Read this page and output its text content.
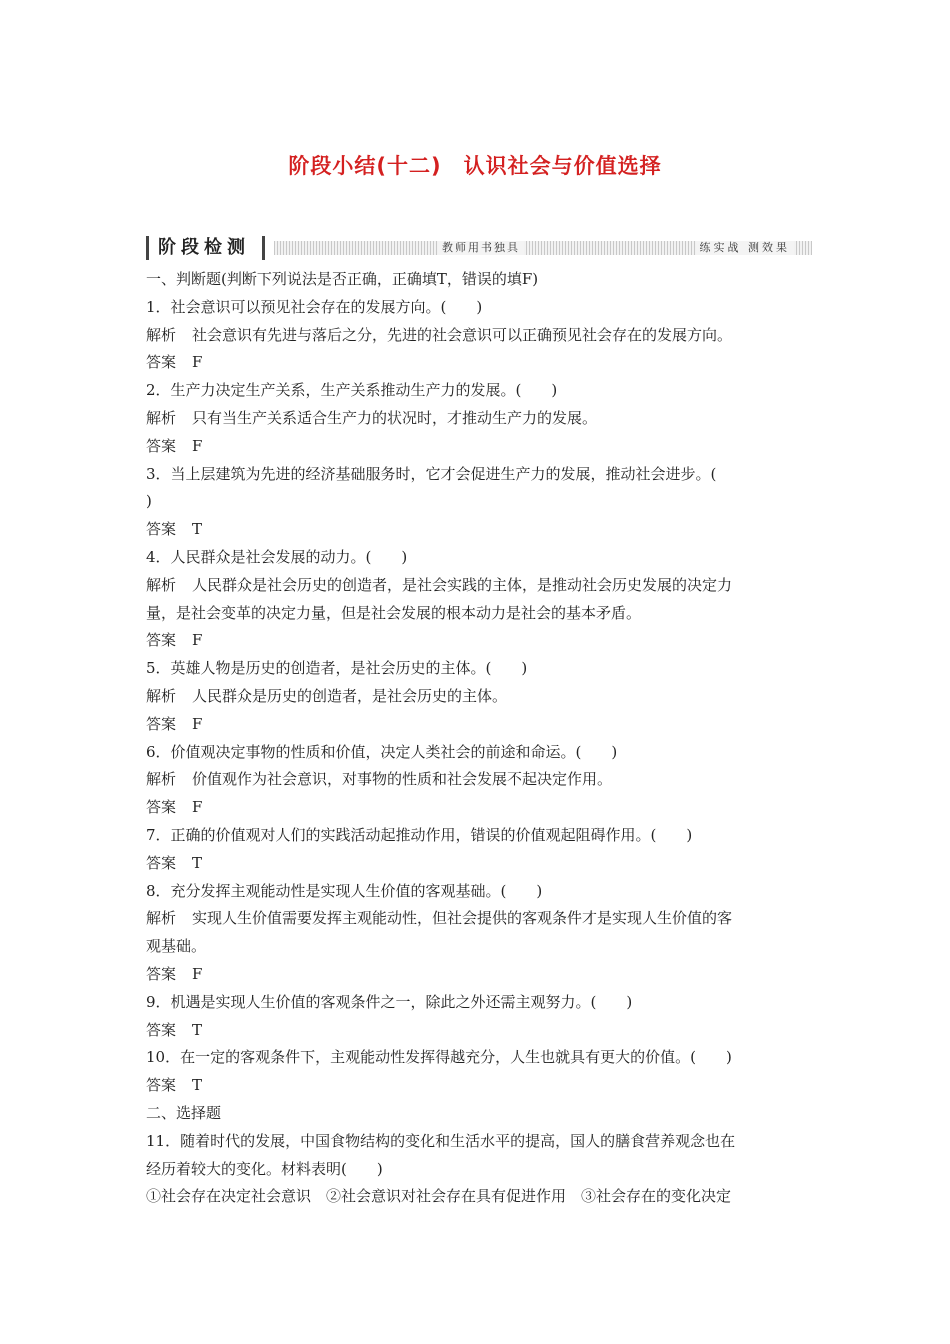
阶段小结(十二)　认识社会与价值选择
阶段检测	教师用书独具	练实战 测效果
一、判断题(判断下列说法是否正确，正确填T，错误的填F)
1．社会意识可以预见社会存在的发展方向。(　　)
解析 社会意识有先进与落后之分，先进的社会意识可以正确预见社会存在的发展方向。
答案 F
2．生产力决定生产关系，生产关系推动生产力的发展。(　　)
解析 只有当生产关系适合生产力的状况时，才推动生产力的发展。
答案 F
3．当上层建筑为先进的经济基础服务时，它才会促进生产力的发展，推动社会进步。(
)
答案 T
4．人民群众是社会发展的动力。(　　)
解析 人民群众是社会历史的创造者，是社会实践的主体，是推动社会历史发展的决定力
量，是社会变革的决定力量，但是社会发展的根本动力是社会的基本矛盾。
答案 F
5．英雄人物是历史的创造者，是社会历史的主体。(　　)
解析 人民群众是历史的创造者，是社会历史的主体。
答案 F
6．价值观决定事物的性质和价值，决定人类社会的前途和命运。(　　)
解析 价值观作为社会意识，对事物的性质和社会发展不起决定作用。
答案 F
7．正确的价值观对人们的实践活动起推动作用，错误的价值观起阻碍作用。(　　)
答案 T
8．充分发挥主观能动性是实现人生价值的客观基础。(　　)
解析 实现人生价值需要发挥主观能动性，但社会提供的客观条件才是实现人生价值的客
观基础。
答案 F
9．机遇是实现人生价值的客观条件之一，除此之外还需主观努力。(　　)
答案 T
10．在一定的客观条件下，主观能动性发挥得越充分，人生也就具有更大的价值。(　　)
答案 T
二、选择题
11．随着时代的发展，中国食物结构的变化和生活水平的提高，国人的膳食营养观念也在
经历着较大的变化。材料表明(　　)
①社会存在决定社会意识　②社会意识对社会存在具有促进作用　③社会存在的变化决定
